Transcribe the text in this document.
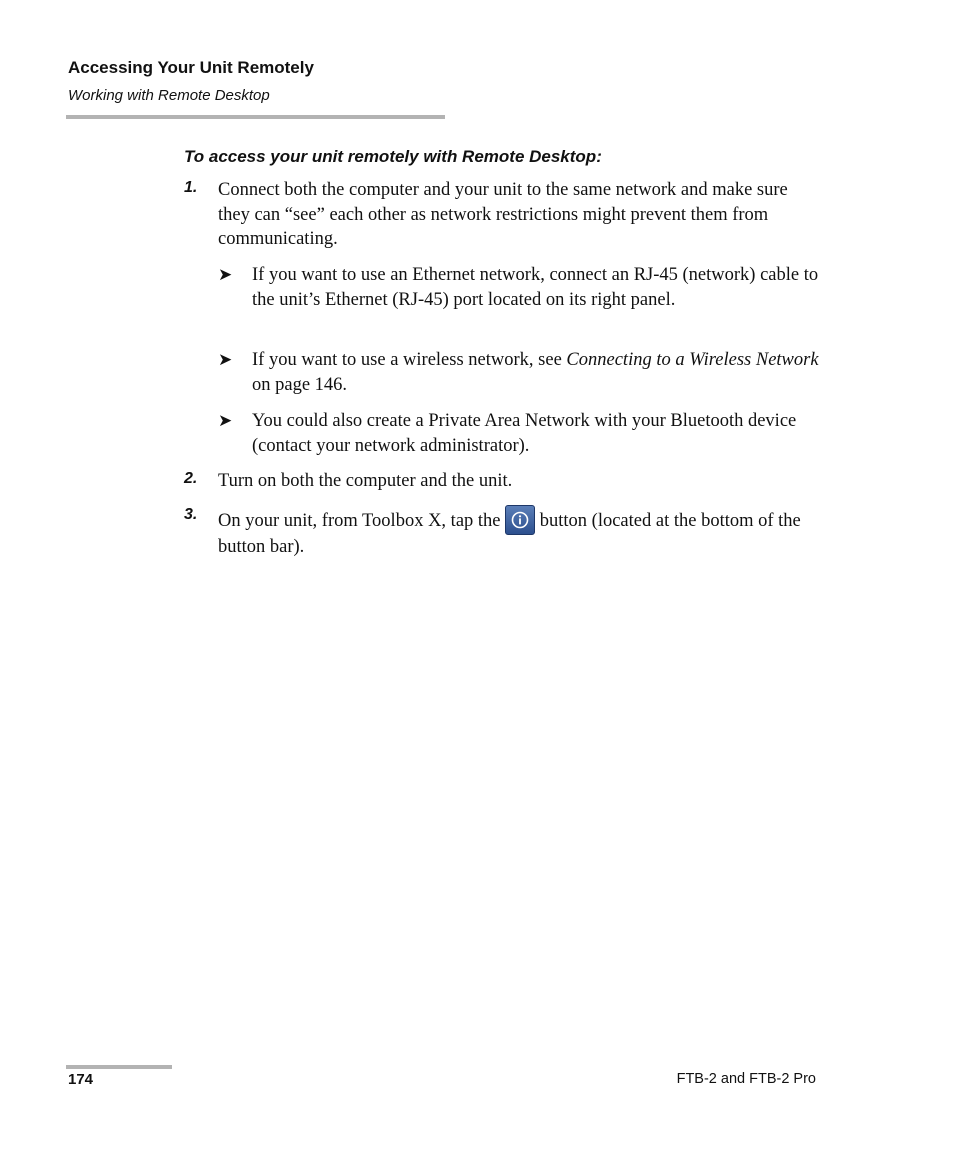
Accessing Your Unit Remotely
Working with Remote Desktop
To access your unit remotely with Remote Desktop:
1. Connect both the computer and your unit to the same network and make sure they can “see” each other as network restrictions might prevent them from communicating.
➤ If you want to use an Ethernet network, connect an RJ-45 (network) cable to the unit’s Ethernet (RJ-45) port located on its right panel.
➤ If you want to use a wireless network, see Connecting to a Wireless Network on page 146.
➤ You could also create a Private Area Network with your Bluetooth device (contact your network administrator).
2. Turn on both the computer and the unit.
3. On your unit, from Toolbox X, tap the
button (located at the bottom of the button bar).
174	FTB-2 and FTB-2 Pro
